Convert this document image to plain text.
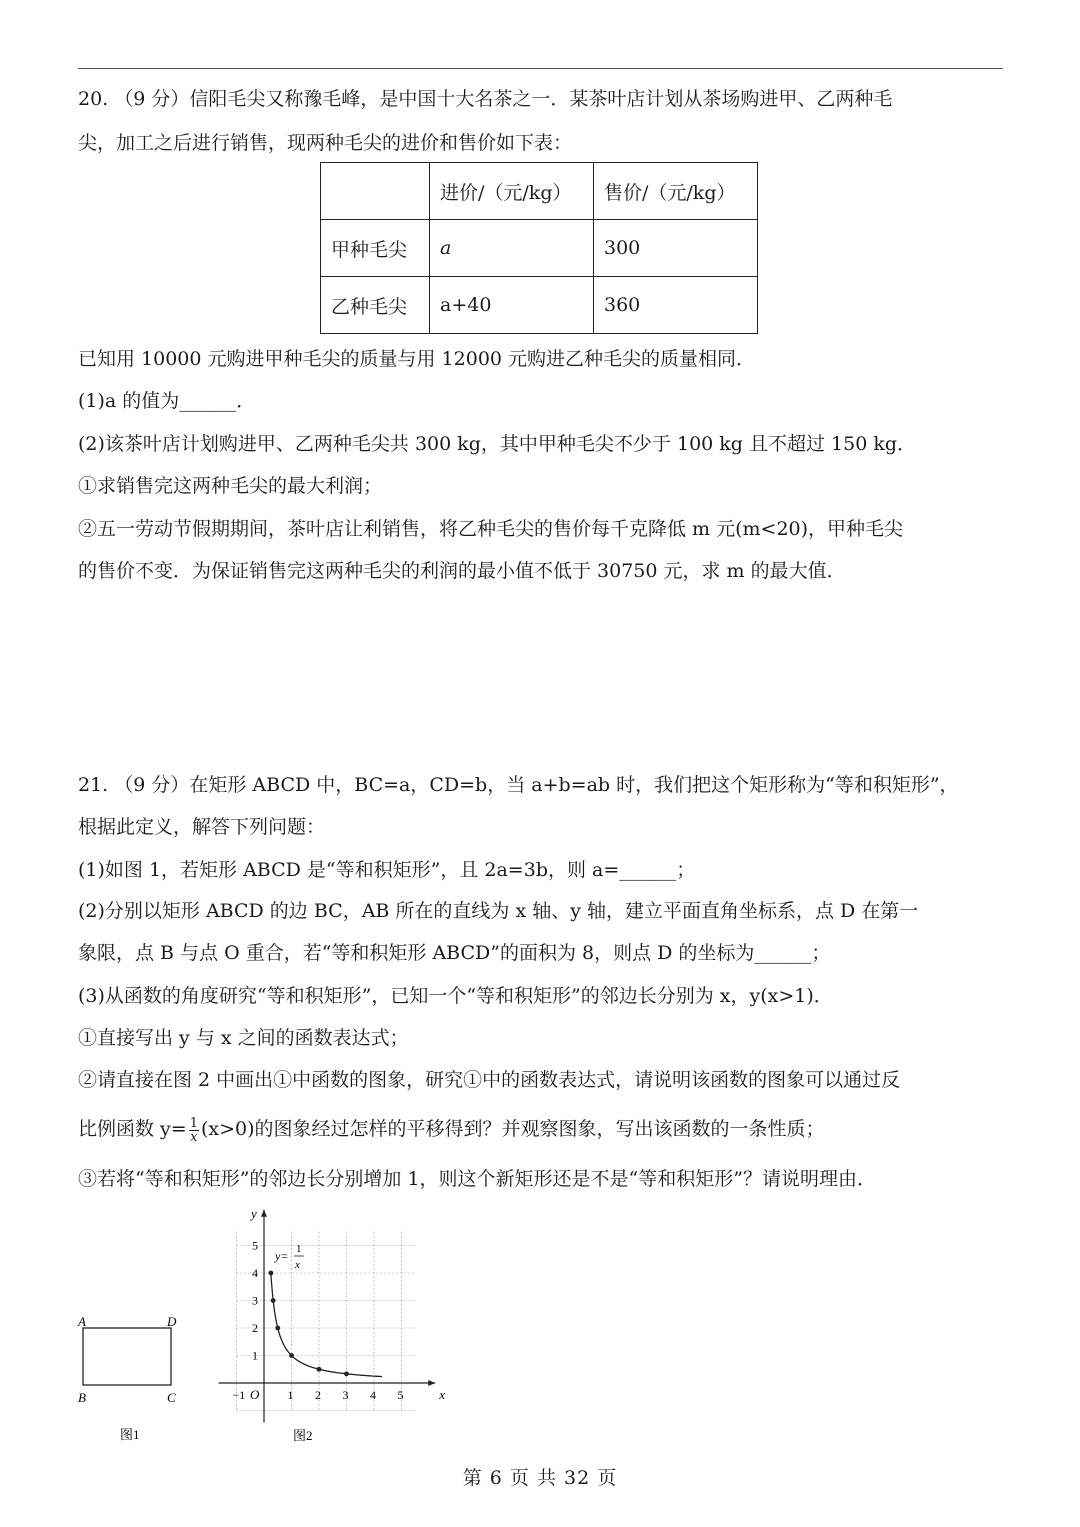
20. （9 分）信阳毛尖又称豫毛峰，是中国十大名茶之一．某茶叶店计划从茶场购进甲、乙两种毛
尖，加工之后进行销售，现两种毛尖的进价和售价如下表：
	进价/（元/kg）	售价/（元/kg）
甲种毛尖	a	300
乙种毛尖	a+40	360
已知用 10000 元购进甲种毛尖的质量与用 12000 元购进乙种毛尖的质量相同．
(1)a 的值为______．
(2)该茶叶店计划购进甲、乙两种毛尖共 300 kg，其中甲种毛尖不少于 100 kg 且不超过 150 kg．
①求销售完这两种毛尖的最大利润；
②五一劳动节假期期间，茶叶店让利销售，将乙种毛尖的售价每千克降低 m 元(m<20)，甲种毛尖
的售价不变．为保证销售完这两种毛尖的利润的最小值不低于 30750 元，求 m 的最大值．
21. （9 分）在矩形 ABCD 中，BC=a，CD=b，当 a+b=ab 时，我们把这个矩形称为“等和积矩形”，
根据此定义，解答下列问题：
(1)如图 1，若矩形 ABCD 是“等和积矩形”，且 2a=3b，则 a=______；
(2)分别以矩形 ABCD 的边 BC，AB 所在的直线为 x 轴、y 轴，建立平面直角坐标系，点 D 在第一
象限，点 B 与点 O 重合，若“等和积矩形 ABCD”的面积为 8，则点 D 的坐标为______；
(3)从函数的角度研究“等和积矩形”，已知一个“等和积矩形”的邻边长分别为 x，y(x>1)．
①直接写出 y 与 x 之间的函数表达式；
②请直接在图 2 中画出①中函数的图象，研究①中的函数表达式，请说明该函数的图象可以通过反
比例函数 $y= \frac{1}{x} (x>0)$的图象经过怎样的平移得到？并观察图象，写出该函数的一条性质；
③若将“等和积矩形”的邻边长分别增加 1，则这个新矩形还是不是“等和积矩形”？请说明理由．
A	D
B	C
图1
−1	1 2 3 4 5
1
2
3
4
5
y
x
O
y= 1
x
图2
第 6 页 共 32 页
